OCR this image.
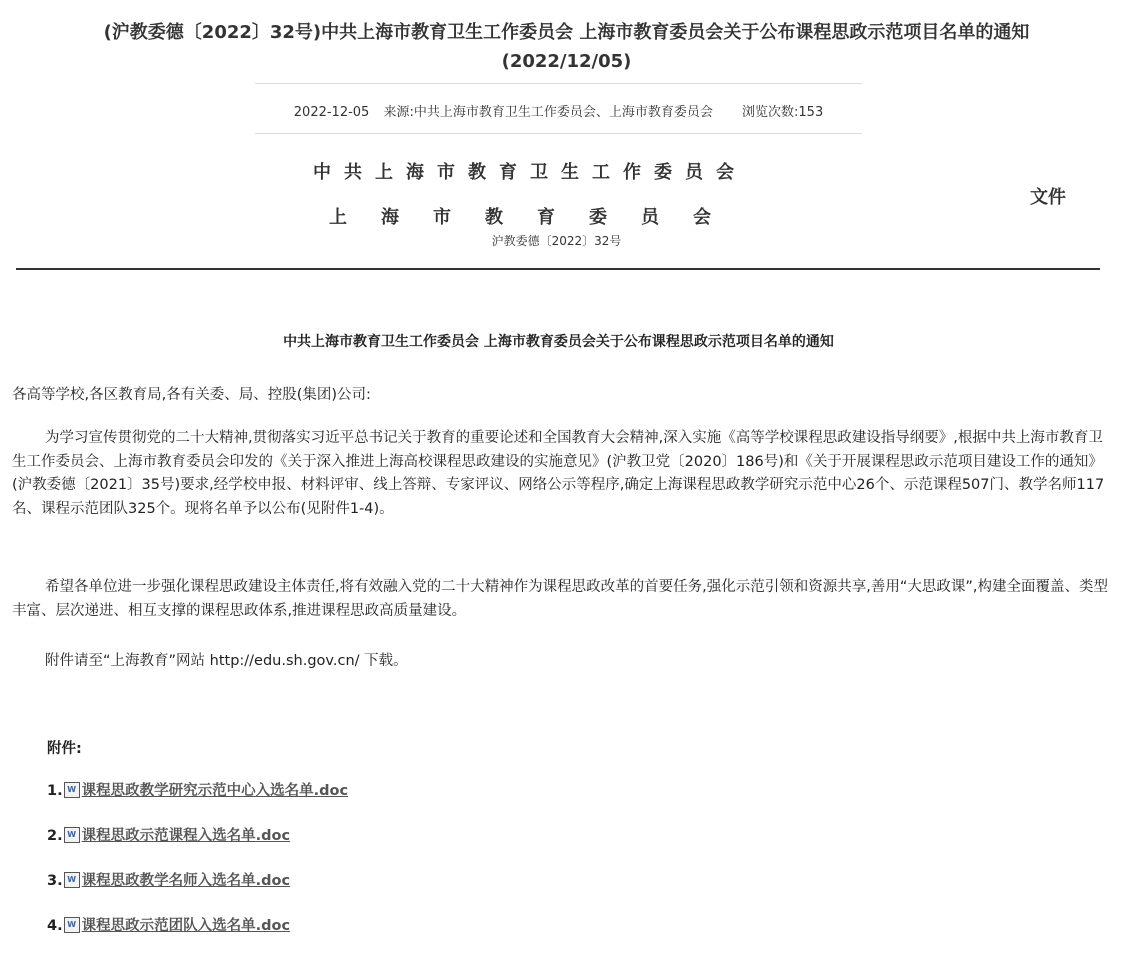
(沪教委德〔2022〕32号)中共上海市教育卫生工作委员会 上海市教育委员会关于公布课程思政示范项目名单的通知
(2022/12/05)
2022-12-05 来源:中共上海市教育卫生工作委员会、上海市教育委员会 浏览次数:153
中共上海市教育卫生工作委员会
上海市教育委员会
文件
沪教委德〔2022〕32号
中共上海市教育卫生工作委员会 上海市教育委员会关于公布课程思政示范项目名单的通知
各高等学校,各区教育局,各有关委、局、控股(集团)公司:
为学习宣传贯彻党的二十大精神,贯彻落实习近平总书记关于教育的重要论述和全国教育大会精神,深入实施《高等学校课程思政建设指导纲要》,根据中共上海市教育卫生工作委员会、上海市教育委员会印发的《关于深入推进上海高校课程思政建设的实施意见》(沪教卫党〔2020〕186号)和《关于开展课程思政示范项目建设工作的通知》(沪教委德〔2021〕35号)要求,经学校申报、材料评审、线上答辩、专家评议、网络公示等程序,确定上海课程思政教学研究示范中心26个、示范课程507门、教学名师117名、课程示范团队325个。现将名单予以公布(见附件1-4)。
希望各单位进一步强化课程思政建设主体责任,将有效融入党的二十大精神作为课程思政改革的首要任务,强化示范引领和资源共享,善用“大思政课”,构建全面覆盖、类型丰富、层次递进、相互支撑的课程思政体系,推进课程思政高质量建设。
附件请至“上海教育”网站 http://edu.sh.gov.cn/ 下载。
附件:
1. W 课程思政教学研究示范中心入选名单.doc
2. W 课程思政示范课程入选名单.doc
3. W 课程思政教学名师入选名单.doc
4. W 课程思政示范团队入选名单.doc
